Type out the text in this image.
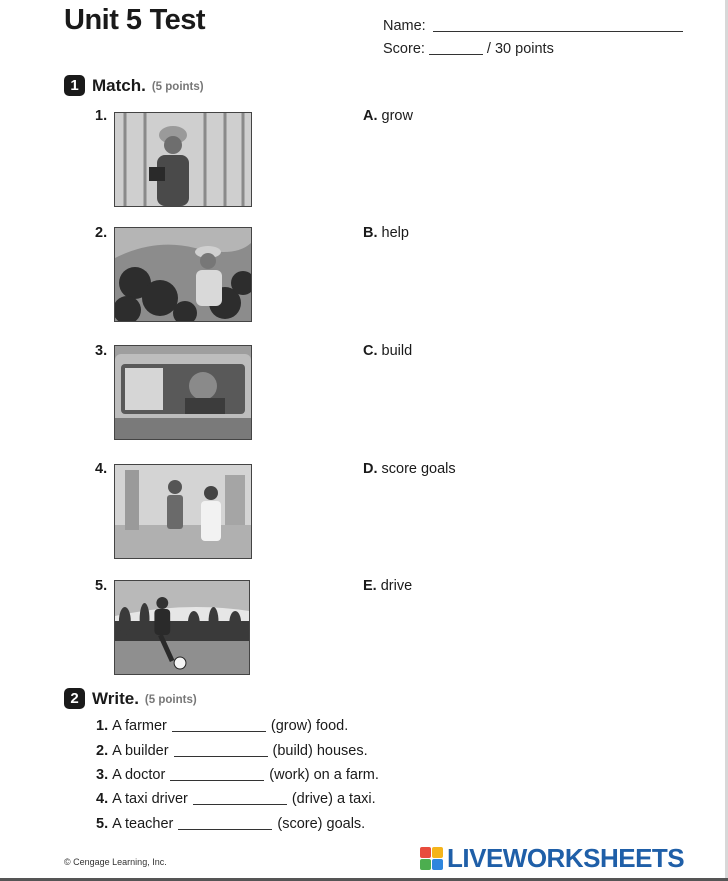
Unit 5 Test	Name:
Score:	/ 30 points
1 Match. (5 points)
1.	A. grow
2.	B. help
3.	C. build
4.	D. score goals
5.	E. drive
2 Write. (5 points)
1. A farmer	(grow) food.
2. A builder	(build) houses.
3. A doctor	(work) on a farm.
4. A taxi driver	(drive) a taxi.
5. A teacher	(score) goals.
© Cengage Learning, Inc.	LIVEWORKSHEETS
